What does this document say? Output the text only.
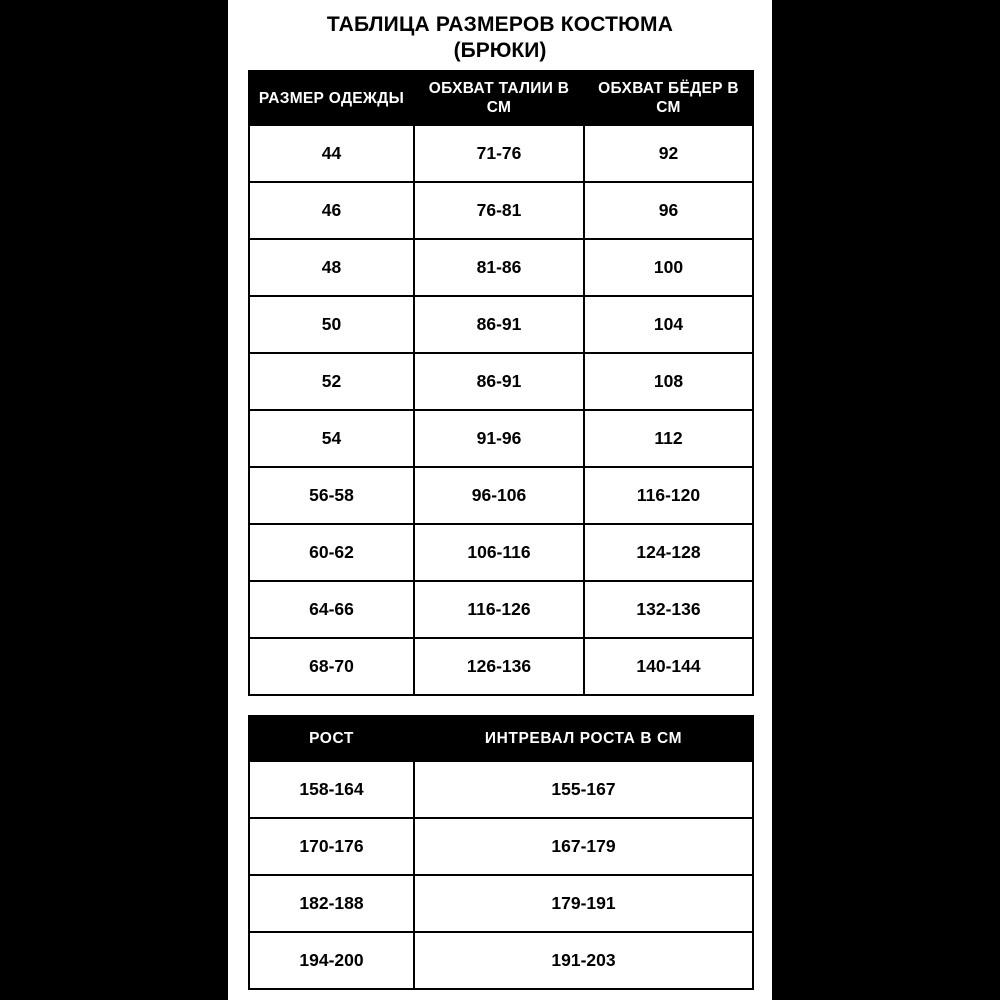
ТАБЛИЦА РАЗМЕРОВ КОСТЮМА
(БРЮКИ)
РАЗМЕР ОДЕЖДЫ	ОБХВАТ ТАЛИИ В СМ	ОБХВАТ БЁДЕР В СМ
44	71-76	92
46	76-81	96
48	81-86	100
50	86-91	104
52	86-91	108
54	91-96	112
56-58	96-106	116-120
60-62	106-116	124-128
64-66	116-126	132-136
68-70	126-136	140-144
РОСТ	ИНТРЕВАЛ РОСТА В СМ
158-164	155-167
170-176	167-179
182-188	179-191
194-200	191-203
